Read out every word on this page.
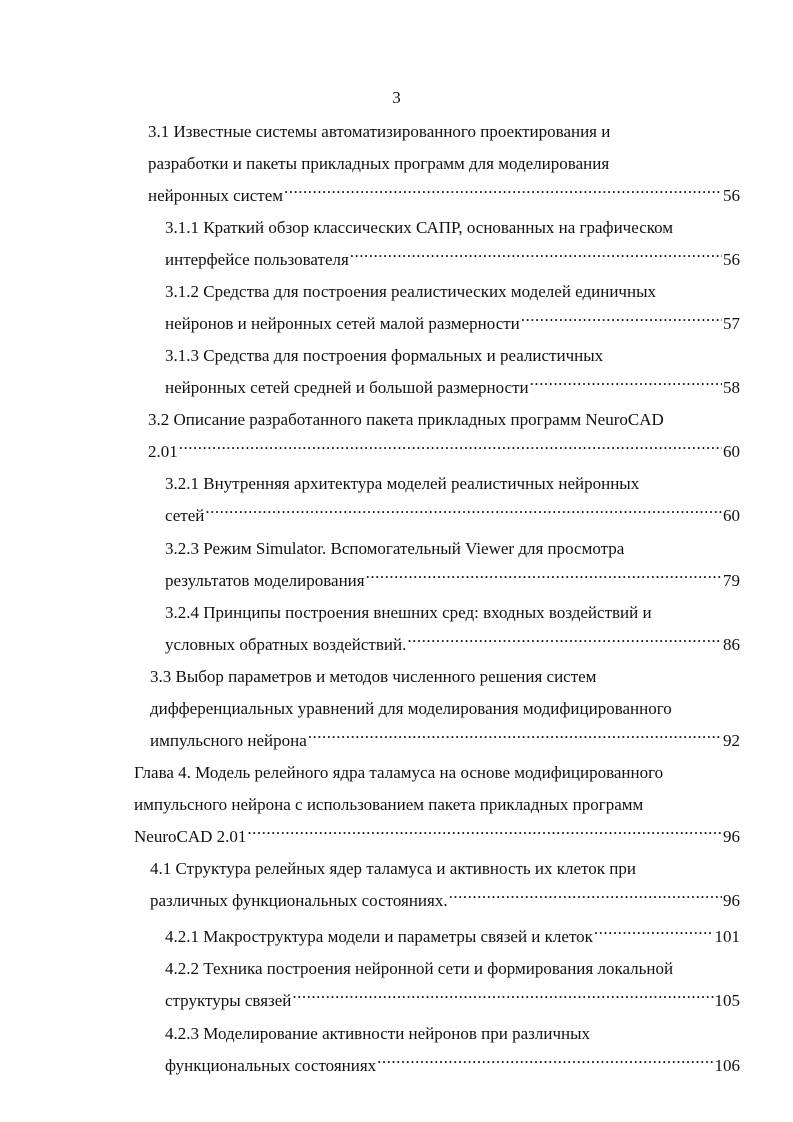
3
3.1 Известные системы автоматизированного проектирования и
разработки и пакеты прикладных программ для моделирования
нейронных систем .....	56
3.1.1 Краткий обзор классических САПР, основанных на графическом
интерфейсе пользователя .....	56
3.1.2 Средства для построения реалистических моделей единичных
нейронов и нейронных сетей малой размерности .....	57
3.1.3 Средства для построения формальных и реалистичных
нейронных сетей средней и большой размерности .....	58
3.2 Описание разработанного пакета прикладных программ NeuroCAD
2.01 .....	60
3.2.1 Внутренняя архитектура моделей реалистичных нейронных
сетей .....	60
3.2.3 Режим Simulator. Вспомогательный Viewer для просмотра
результатов моделирования .....	79
3.2.4 Принципы построения внешних сред: входных воздействий и
условных обратных воздействий. .....	86
3.3 Выбор параметров и методов численного решения систем
дифференциальных уравнений для моделирования модифицированного
импульсного нейрона .....	92
Глава 4. Модель релейного ядра таламуса на основе модифицированного
импульсного нейрона с использованием пакета прикладных программ
NeuroCAD 2.01 .....	96
4.1 Структура релейных ядер таламуса и активность их клеток при
различных функциональных состояниях. .....	96
4.2.1 Макроструктура модели и параметры связей и клеток .....	101
4.2.2 Техника построения нейронной сети и формирования локальной
структуры связей .....	105
4.2.3 Моделирование активности нейронов при различных
функциональных состояниях .....	106
